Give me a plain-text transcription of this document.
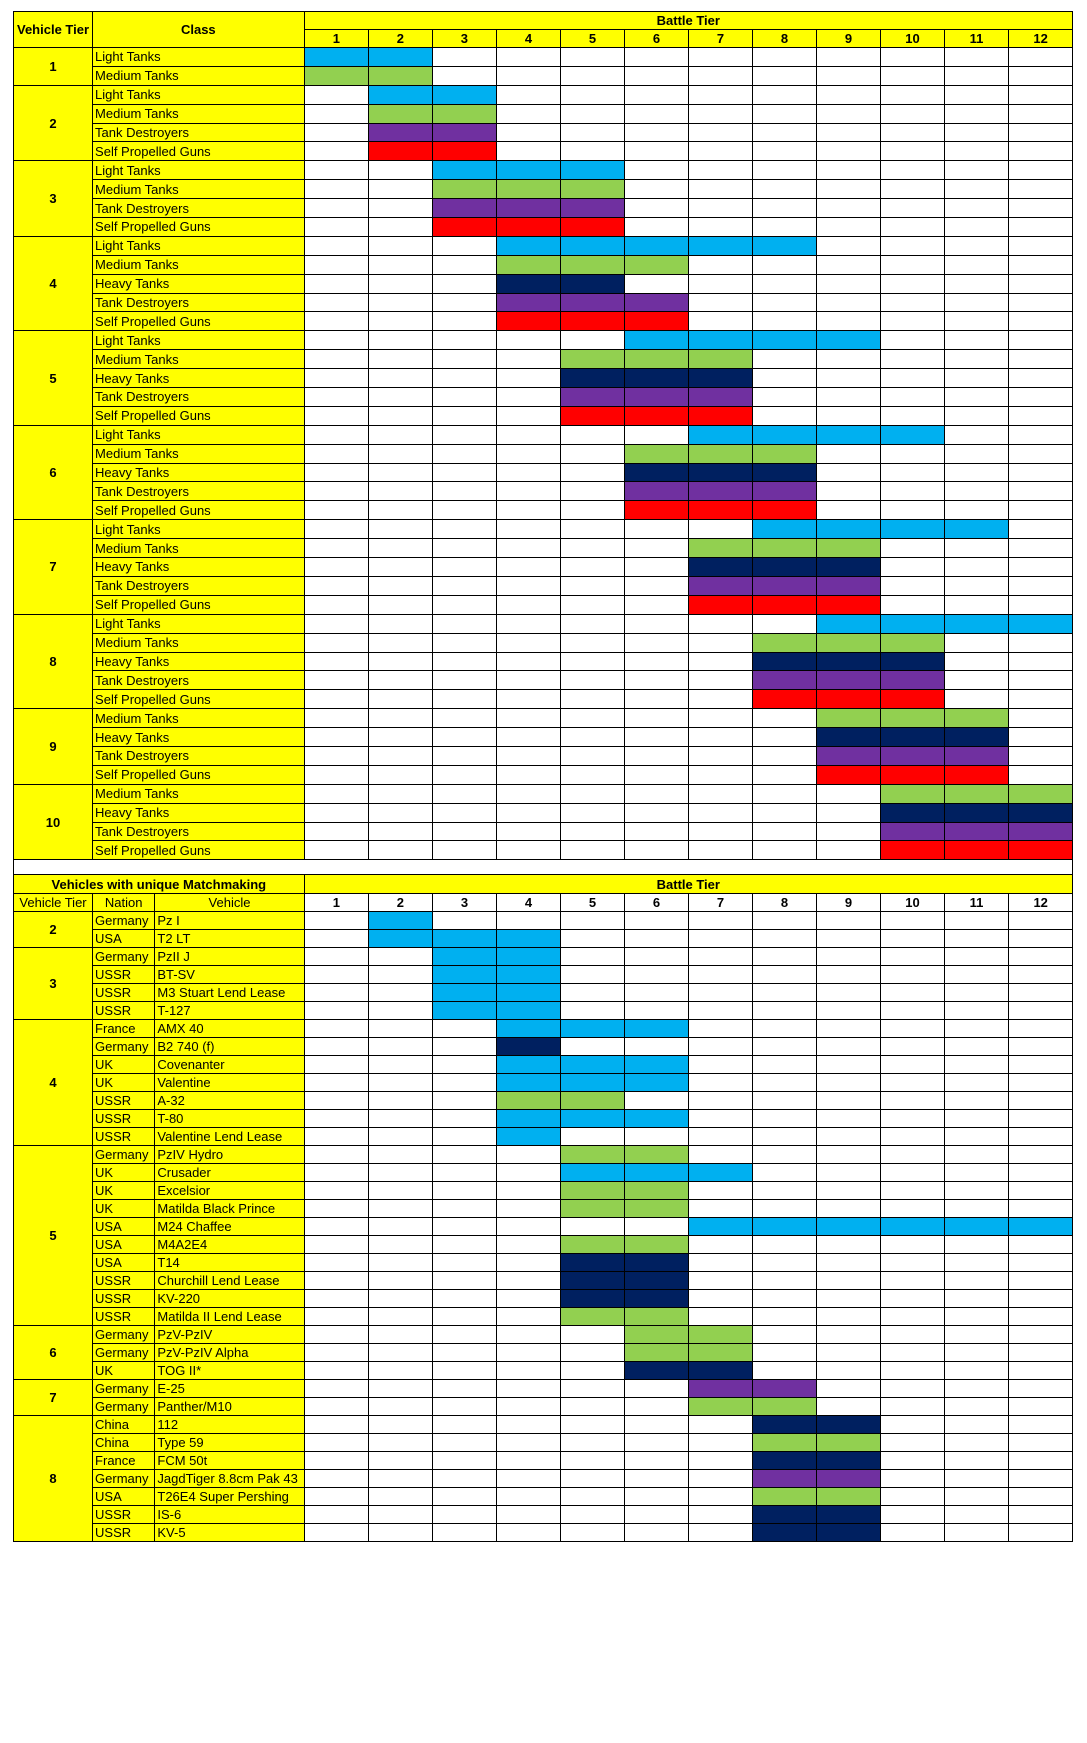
Vehicle Tier	Class	Battle Tier											
		1	2	3	4	5	6	7	8	9	10	11	12
1	Light Tanks												
	Medium Tanks												
2	Light Tanks												
	Medium Tanks												
	Tank Destroyers												
	Self Propelled Guns												
3	Light Tanks												
	Medium Tanks												
	Tank Destroyers												
	Self Propelled Guns												
4	Light Tanks												
	Medium Tanks												
	Heavy Tanks												
	Tank Destroyers												
	Self Propelled Guns												
5	Light Tanks												
	Medium Tanks												
	Heavy Tanks												
	Tank Destroyers												
	Self Propelled Guns												
6	Light Tanks												
	Medium Tanks												
	Heavy Tanks												
	Tank Destroyers												
	Self Propelled Guns												
7	Light Tanks												
	Medium Tanks												
	Heavy Tanks												
	Tank Destroyers												
	Self Propelled Guns												
8	Light Tanks												
	Medium Tanks												
	Heavy Tanks												
	Tank Destroyers												
	Self Propelled Guns												
9	Medium Tanks												
	Heavy Tanks												
	Tank Destroyers												
	Self Propelled Guns												
10	Medium Tanks												
	Heavy Tanks												
	Tank Destroyers												
	Self Propelled Guns												

Vehicles with unique Matchmaking			Battle Tier											
Vehicle Tier	Nation	Vehicle	1	2	3	4	5	6	7	8	9	10	11	12
2	Germany	Pz I												
	USA	T2 LT												
3	Germany	PzII J												
	USSR	BT-SV												
	USSR	M3 Stuart Lend Lease												
	USSR	T-127												
4	France	AMX 40												
	Germany	B2 740 (f)												
	UK	Covenanter												
	UK	Valentine												
	USSR	A-32												
	USSR	T-80												
	USSR	Valentine Lend Lease												
5	Germany	PzIV Hydro												
	UK	Crusader												
	UK	Excelsior												
	UK	Matilda Black Prince												
	USA	M24 Chaffee												
	USA	M4A2E4												
	USA	T14												
	USSR	Churchill Lend Lease												
	USSR	KV-220												
	USSR	Matilda II Lend Lease												
6	Germany	PzV-PzIV												
	Germany	PzV-PzIV Alpha												
	UK	TOG II*												
7	Germany	E-25												
	Germany	Panther/M10												
8	China	112												
	China	Type 59												
	France	FCM 50t												
	Germany	JagdTiger 8.8cm Pak 43												
	USA	T26E4 Super Pershing												
	USSR	IS-6												
	USSR	KV-5												
